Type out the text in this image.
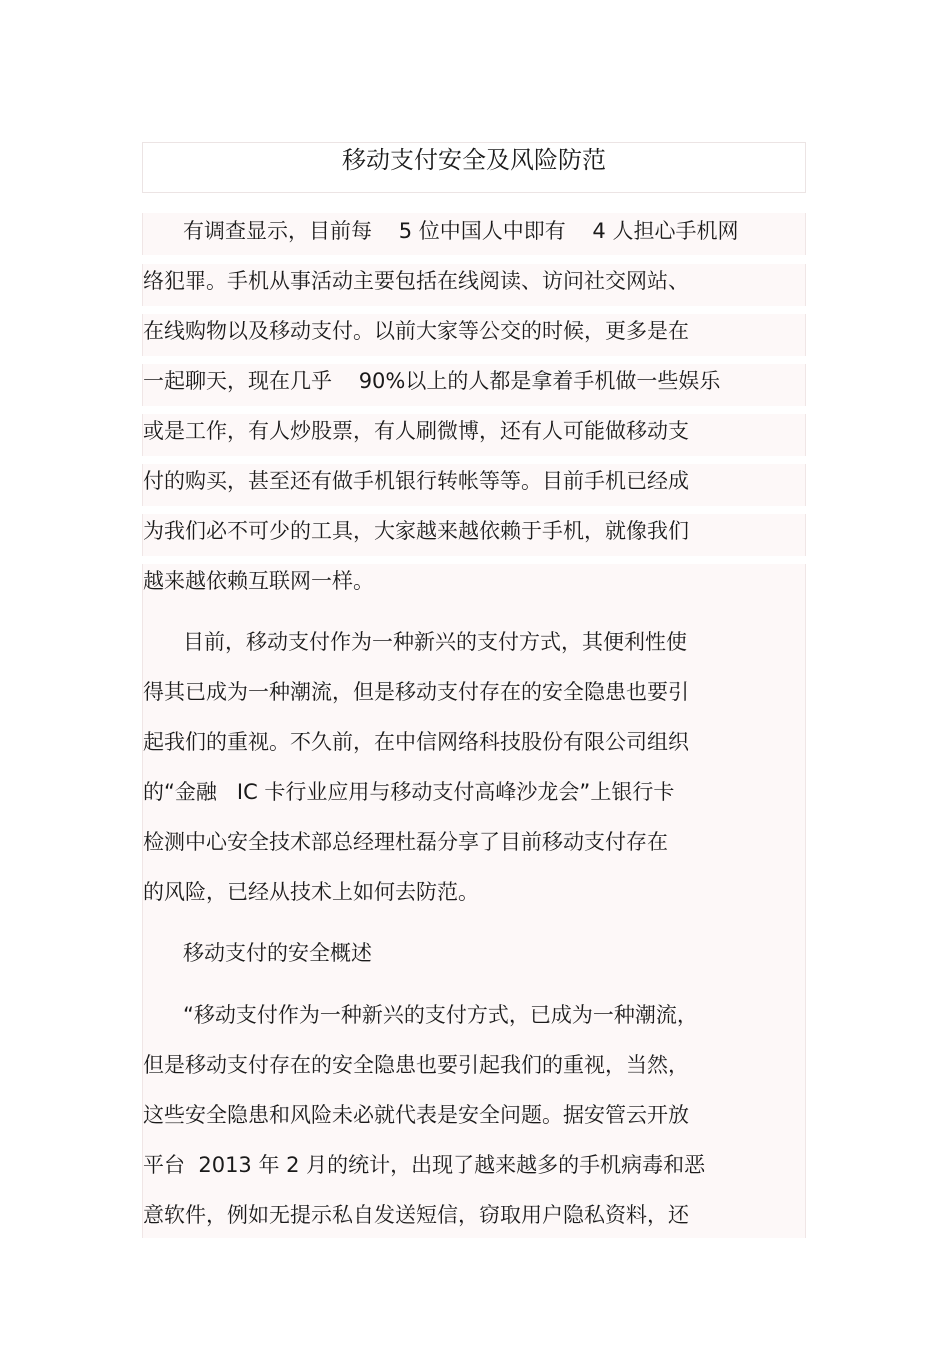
移动支付安全及风险防范
有调查显示，目前每    5 位中国人中即有    4 人担心手机网
络犯罪。手机从事活动主要包括在线阅读、访问社交网站、
在线购物以及移动支付。以前大家等公交的时候，更多是在
一起聊天，现在几乎    90%以上的人都是拿着手机做一些娱乐
或是工作，有人炒股票，有人刷微博，还有人可能做移动支
付的购买，甚至还有做手机银行转帐等等。目前手机已经成
为我们必不可少的工具，大家越来越依赖于手机，就像我们
越来越依赖互联网一样。
目前，移动支付作为一种新兴的支付方式，其便利性使
得其已成为一种潮流，但是移动支付存在的安全隐患也要引
起我们的重视。不久前，在中信网络科技股份有限公司组织
的“金融   IC 卡行业应用与移动支付高峰沙龙会”上银行卡
检测中心安全技术部总经理杜磊分享了目前移动支付存在
的风险，已经从技术上如何去防范。
移动支付的安全概述
“移动支付作为一种新兴的支付方式，已成为一种潮流，
但是移动支付存在的安全隐患也要引起我们的重视，当然，
这些安全隐患和风险未必就代表是安全问题。据安管云开放
平台  2013 年 2 月的统计，出现了越来越多的手机病毒和恶
意软件，例如无提示私自发送短信，窃取用户隐私资料，还
